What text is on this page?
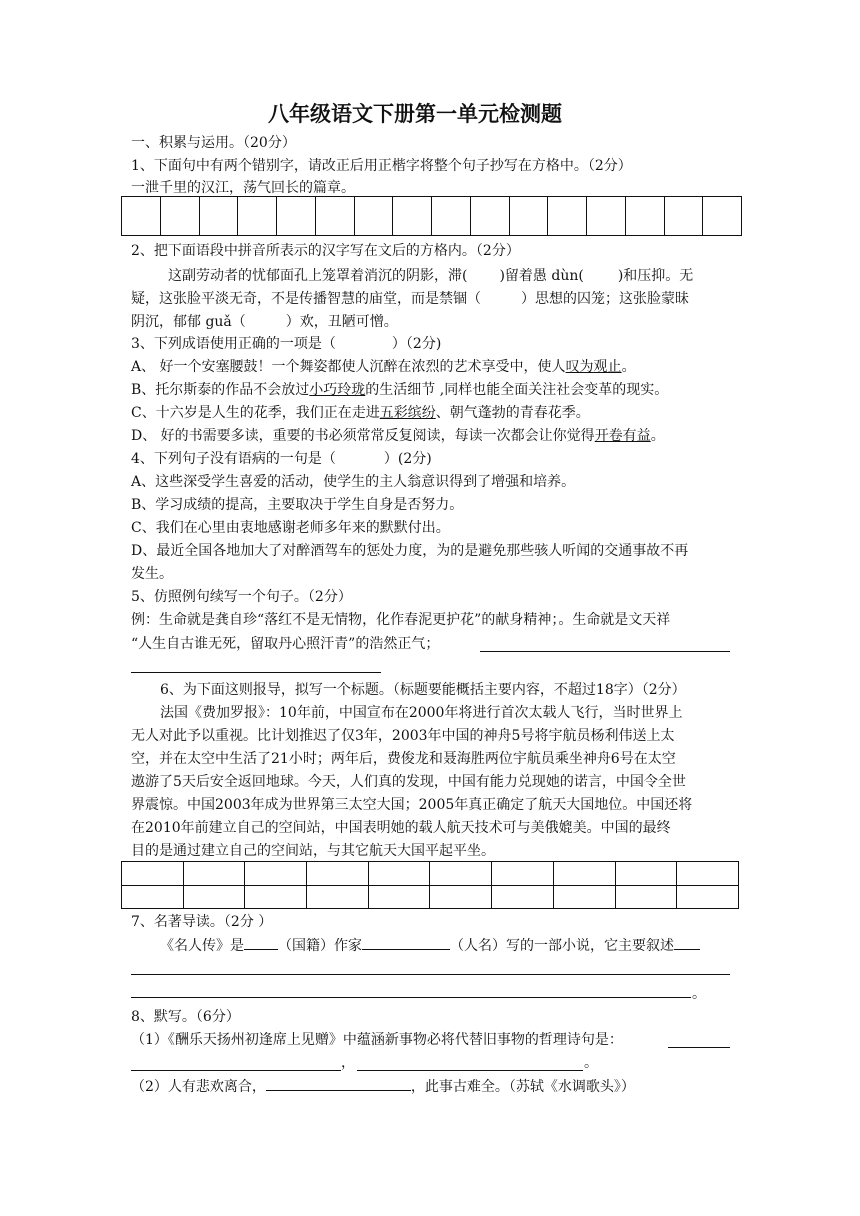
八年级语文下册第一单元检测题
一、积累与运用。（20分）
1、下面句中有两个错别字，请改正后用正楷字将整个句子抄写在方格中。（2分）
一泄千里的汉江，荡气回长的篇章。

2、把下面语段中拼音所表示的汉字写在文后的方格内。（2分）
这副劳动者的忧郁面孔上笼罩着消沉的阴影，滞( )留着愚 dùn( )和压抑。无
疑，这张脸平淡无奇，不是传播智慧的庙堂，而是禁锢（	）思想的囚笼；这张脸蒙昧
阴沉，郁郁 guǎ（	）欢，丑陋可憎。
3、下列成语使用正确的一项是（	）（2分)
A、 好一个安塞腰鼓！一个舞姿都使人沉醉在浓烈的艺术享受中，使人叹为观止。
B、托尔斯泰的作品不会放过小巧玲珑的生活细节 ,同样也能全面关注社会变革的现实。
C、十六岁是人生的花季，我们正在走进五彩缤纷、朝气蓬勃的青春花季。
D、 好的书需要多读，重要的书必须常常反复阅读，每读一次都会让你觉得开卷有益。
4、下列句子没有语病的一句是（	）(2分)
A、这些深受学生喜爱的活动，使学生的主人翁意识得到了增强和培养。
B、学习成绩的提高，主要取决于学生自身是否努力。
C、我们在心里由衷地感谢老师多年来的默默付出。
D、最近全国各地加大了对醉酒驾车的惩处力度，为的是避免那些骇人听闻的交通事故不再
发生。
5、仿照例句续写一个句子。（2分）
例：生命就是龚自珍“落红不是无情物，化作春泥更护花”的献身精神；。生命就是文天祥
“人生自古谁无死，留取丹心照汗青”的浩然正气；
6、为下面这则报导，拟写一个标题。（标题要能概括主要内容，不超过18字）（2分）
法国《费加罗报》：10年前，中国宣布在2000年将进行首次太载人飞行，当时世界上
无人对此予以重视。比计划推迟了仅3年，2003年中国的神舟5号将宇航员杨利伟送上太
空，并在太空中生活了21小时；两年后，费俊龙和聂海胜两位宇航员乘坐神舟6号在太空
遨游了5天后安全返回地球。今天，人们真的发现，中国有能力兑现她的诺言，中国令全世
界震惊。中国2003年成为世界第三太空大国；2005年真正确定了航天大国地位。中国还将
在2010年前建立自己的空间站，中国表明她的载人航天技术可与美俄媲美。中国的最终
目的是通过建立自己的空间站，与其它航天大国平起平坐。

7、名著导读。（2分 ）
《名人传》是 （国籍）作家	（人名）写的一部小说，它主要叙述
。
8、默写。（6分）
（1）《酬乐天扬州初逢席上见赠》中蕴涵新事物必将代替旧事物的哲理诗句是：
，	。
（2）人有悲欢离合，	，此事古难全。（苏轼《水调歌头》）
